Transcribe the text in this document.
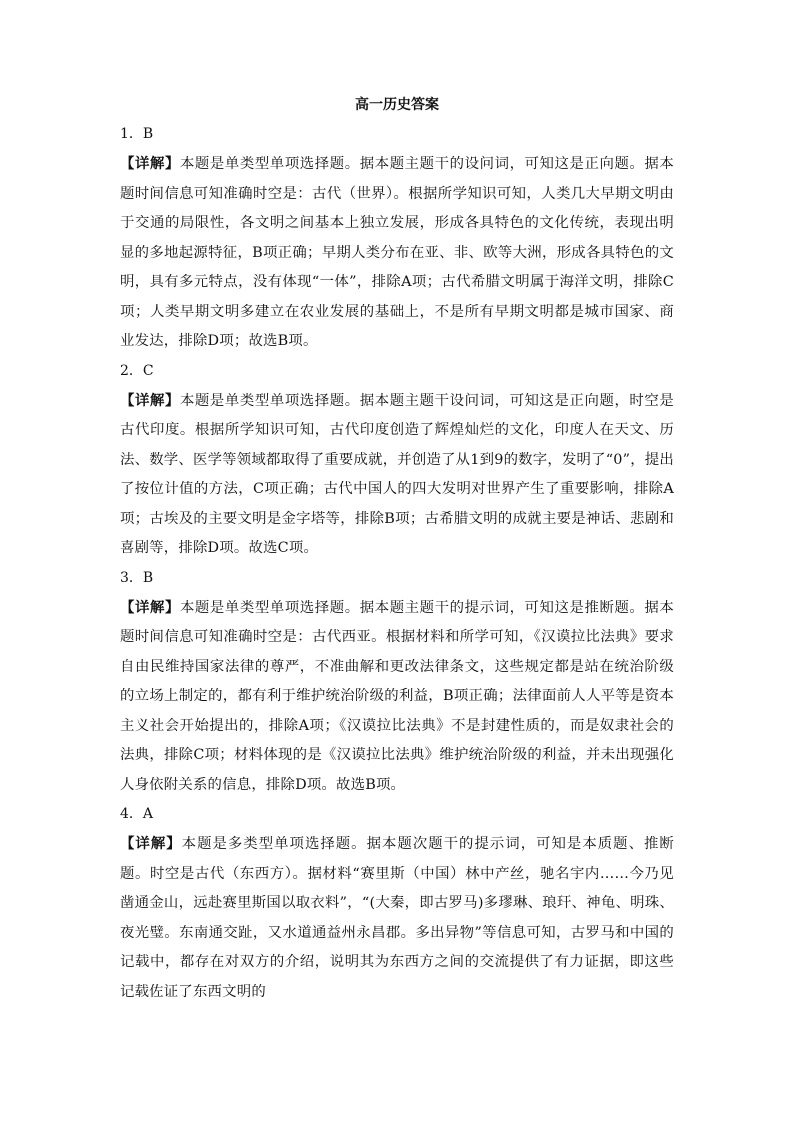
高一历史答案
1．B
【详解】本题是单类型单项选择题。据本题主题干的设问词，可知这是正向题。据本题时间信息可知准确时空是：古代（世界）。根据所学知识可知，人类几大早期文明由于交通的局限性，各文明之间基本上独立发展，形成各具特色的文化传统，表现出明显的多地起源特征，B项正确；早期人类分布在亚、非、欧等大洲，形成各具特色的文明，具有多元特点，没有体现“一体”，排除A项；古代希腊文明属于海洋文明，排除C项；人类早期文明多建立在农业发展的基础上，不是所有早期文明都是城市国家、商业发达，排除D项；故选B项。
2．C
【详解】本题是单类型单项选择题。据本题主题干设问词，可知这是正向题，时空是古代印度。根据所学知识可知，古代印度创造了辉煌灿烂的文化，印度人在天文、历法、数学、医学等领域都取得了重要成就，并创造了从1到9的数字，发明了“0”，提出了按位计值的方法，C项正确；古代中国人的四大发明对世界产生了重要影响，排除A项；古埃及的主要文明是金字塔等，排除B项；古希腊文明的成就主要是神话、悲剧和喜剧等，排除D项。故选C项。
3．B
【详解】本题是单类型单项选择题。据本题主题干的提示词，可知这是推断题。据本题时间信息可知准确时空是：古代西亚。根据材料和所学可知，《汉谟拉比法典》要求自由民维持国家法律的尊严，不准曲解和更改法律条文，这些规定都是站在统治阶级的立场上制定的，都有利于维护统治阶级的利益，B项正确；法律面前人人平等是资本主义社会开始提出的，排除A项；《汉谟拉比法典》不是封建性质的，而是奴隶社会的法典，排除C项；材料体现的是《汉谟拉比法典》维护统治阶级的利益，并未出现强化人身依附关系的信息，排除D项。故选B项。
4．A
【详解】本题是多类型单项选择题。据本题次题干的提示词，可知是本质题、推断题。时空是古代（东西方）。据材料“赛里斯（中国）林中产丝，驰名宇内……今乃见凿通金山，远赴赛里斯国以取衣料”，“(大秦，即古罗马)多璆琳、琅玕、神龟、明珠、夜光璧。东南通交趾，又水道通益州永昌郡。多出异物”等信息可知，古罗马和中国的记载中，都存在对双方的介绍，说明其为东西方之间的交流提供了有力证据，即这些记载佐证了东西文明的
